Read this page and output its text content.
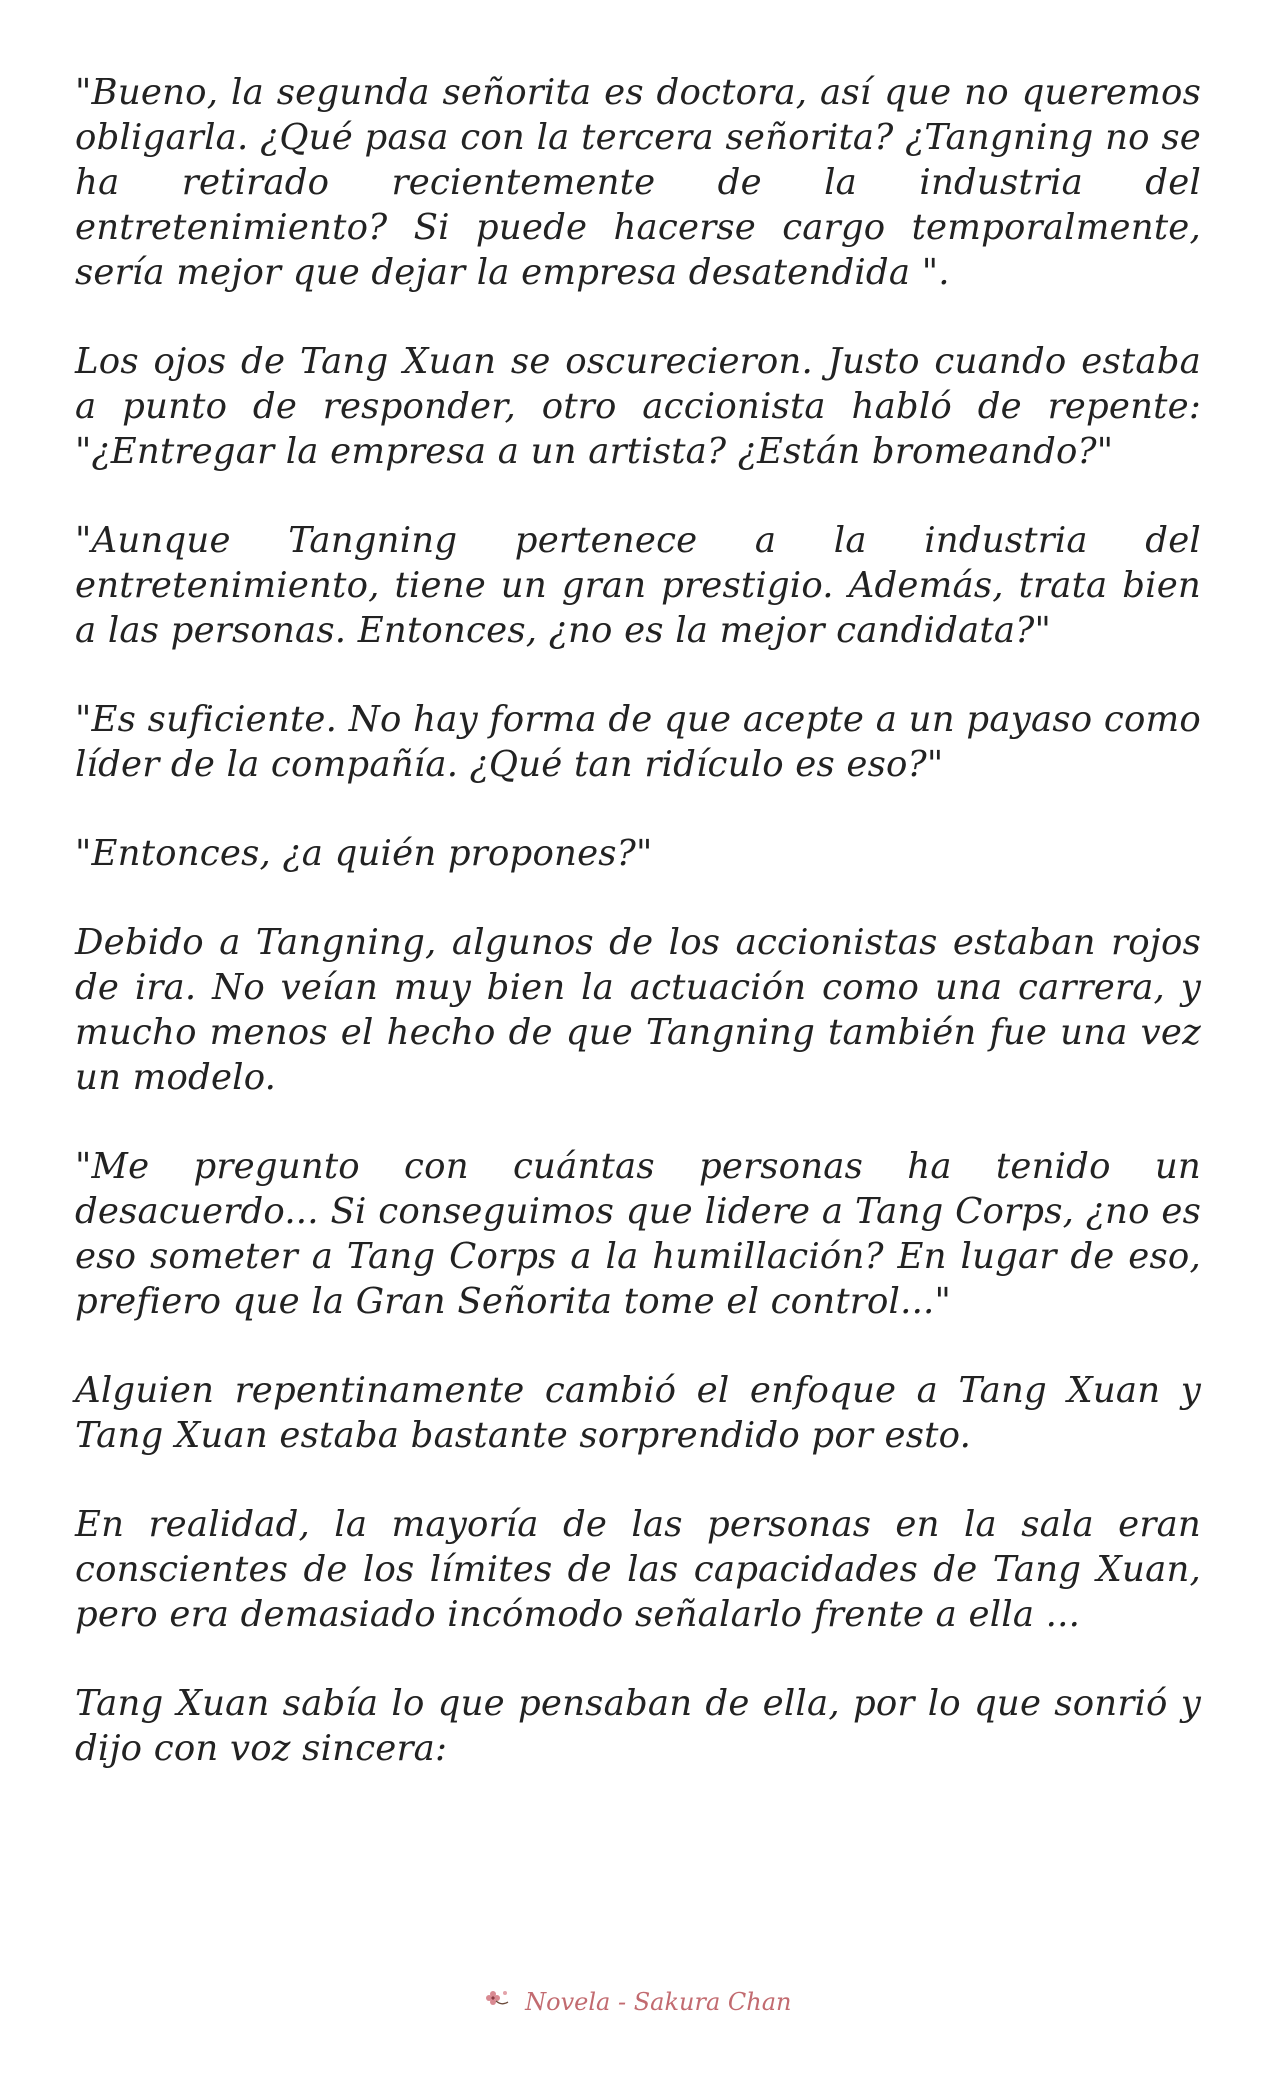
"Bueno, la segunda señorita es doctora, así que no queremos obligarla. ¿Qué pasa con la tercera señorita? ¿Tangning no se ha retirado recientemente de la industria del entretenimiento? Si puede hacerse cargo temporalmente, sería mejor que dejar la empresa desatendida ".

Los ojos de Tang Xuan se oscurecieron. Justo cuando estaba a punto de responder, otro accionista habló de repente: "¿Entregar la empresa a un artista? ¿Están bromeando?"

"Aunque Tangning pertenece a la industria del entretenimiento, tiene un gran prestigio. Además, trata bien a las personas. Entonces, ¿no es la mejor candidata?"

"Es suficiente. No hay forma de que acepte a un payaso como líder de la compañía. ¿Qué tan ridículo es eso?"

"Entonces, ¿a quién propones?"

Debido a Tangning, algunos de los accionistas estaban rojos de ira. No veían muy bien la actuación como una carrera, y mucho menos el hecho de que Tangning también fue una vez un modelo.

"Me pregunto con cuántas personas ha tenido un desacuerdo... Si conseguimos que lidere a Tang Corps, ¿no es eso someter a Tang Corps a la humillación? En lugar de eso, prefiero que la Gran Señorita tome el control..."

Alguien repentinamente cambió el enfoque a Tang Xuan y Tang Xuan estaba bastante sorprendido por esto.

En realidad, la mayoría de las personas en la sala eran conscientes de los límites de las capacidades de Tang Xuan, pero era demasiado incómodo señalarlo frente a ella ...

Tang Xuan sabía lo que pensaban de ella, por lo que sonrió y dijo con voz sincera:

Novela - Sakura Chan
